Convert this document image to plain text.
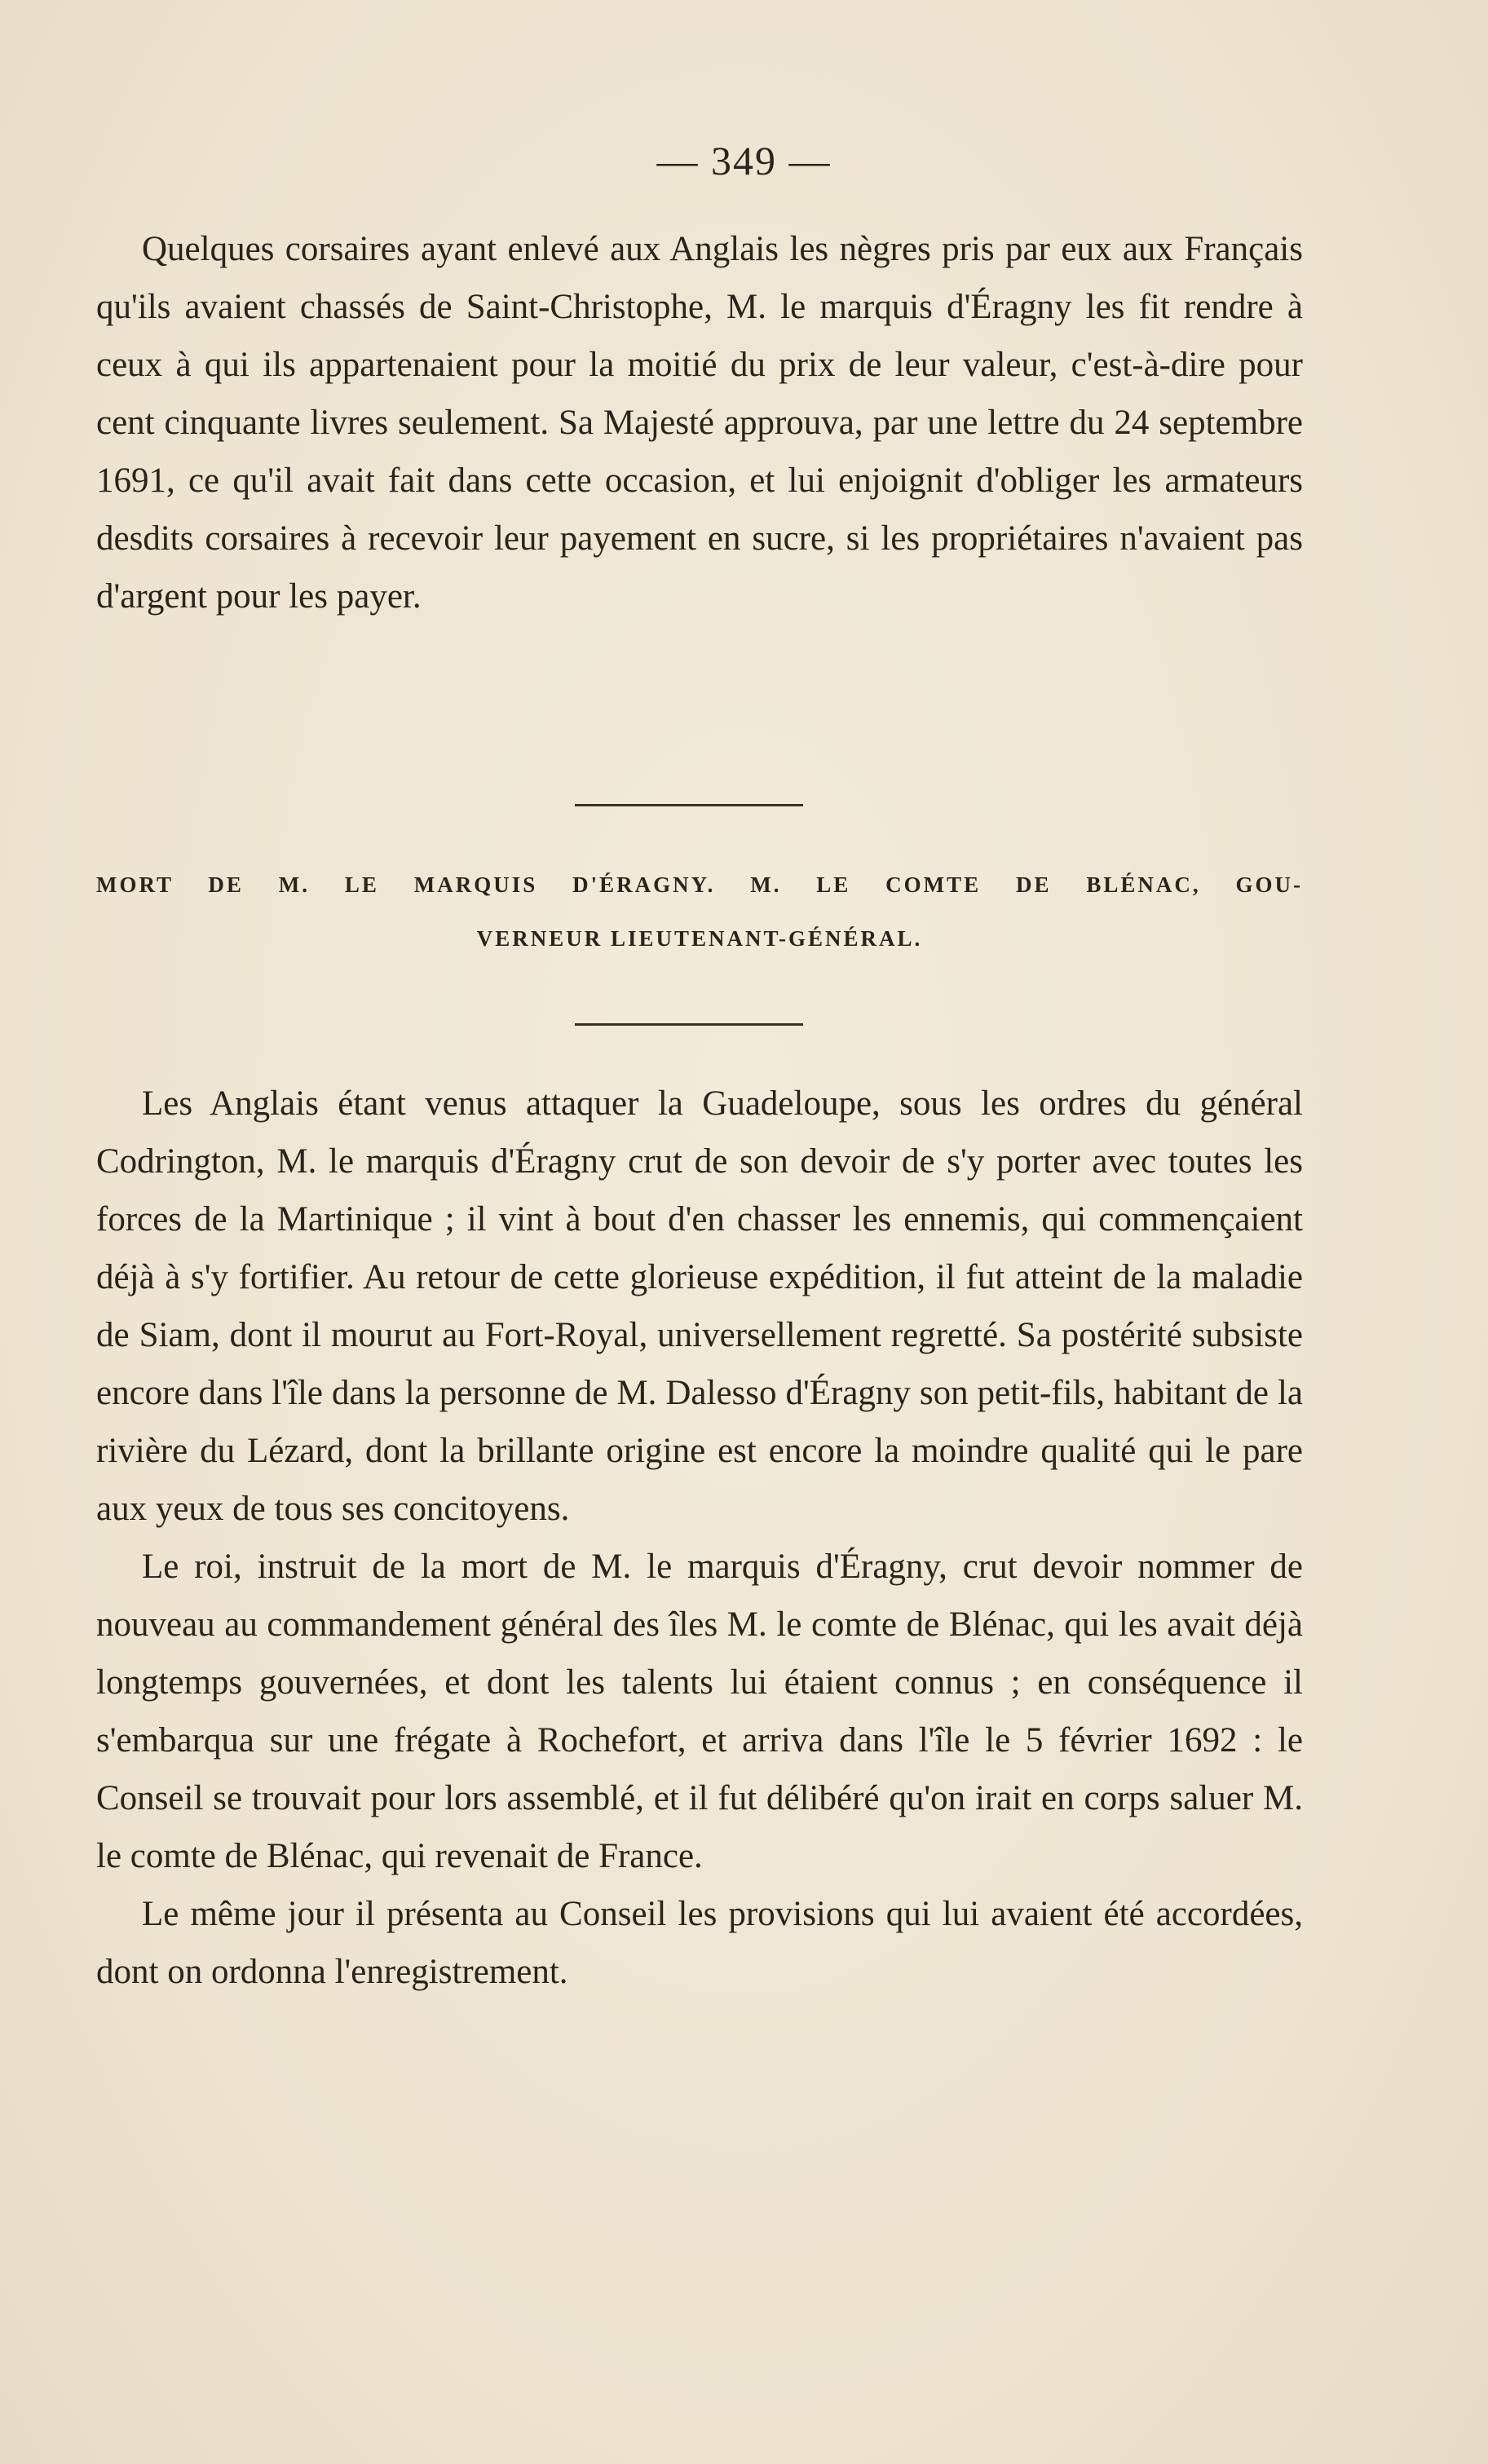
— 349 —

Quelques corsaires ayant enlevé aux Anglais les nègres pris par eux aux Français qu'ils avaient chassés de Saint-Christophe, M. le marquis d'Éragny les fit rendre à ceux à qui ils appartenaient pour la moitié du prix de leur valeur, c'est-à-dire pour cent cinquante livres seulement. Sa Majesté approuva, par une lettre du 24 septembre 1691, ce qu'il avait fait dans cette occasion, et lui enjoignit d'obliger les armateurs desdits corsaires à recevoir leur payement en sucre, si les propriétaires n'avaient pas d'argent pour les payer.

MORT DE M. LE MARQUIS D'ÉRAGNY. M. LE COMTE DE BLÉNAC, GOU-
VERNEUR LIEUTENANT-GÉNÉRAL.

Les Anglais étant venus attaquer la Guadeloupe, sous les ordres du général Codrington, M. le marquis d'Éragny crut de son devoir de s'y porter avec toutes les forces de la Martinique ; il vint à bout d'en chasser les ennemis, qui commençaient déjà à s'y fortifier. Au retour de cette glorieuse expédition, il fut atteint de la maladie de Siam, dont il mourut au Fort-Royal, universellement regretté. Sa postérité subsiste encore dans l'île dans la personne de M. Dalesso d'Éragny son petit-fils, habitant de la rivière du Lézard, dont la brillante origine est encore la moindre qualité qui le pare aux yeux de tous ses concitoyens.

Le roi, instruit de la mort de M. le marquis d'Éragny, crut devoir nommer de nouveau au commandement général des îles M. le comte de Blénac, qui les avait déjà longtemps gouvernées, et dont les talents lui étaient connus ; en conséquence il s'embarqua sur une frégate à Rochefort, et arriva dans l'île le 5 février 1692 : le Conseil se trouvait pour lors assemblé, et il fut délibéré qu'on irait en corps saluer M. le comte de Blénac, qui revenait de France.

Le même jour il présenta au Conseil les provisions qui lui avaient été accordées, dont on ordonna l'enregistrement.
